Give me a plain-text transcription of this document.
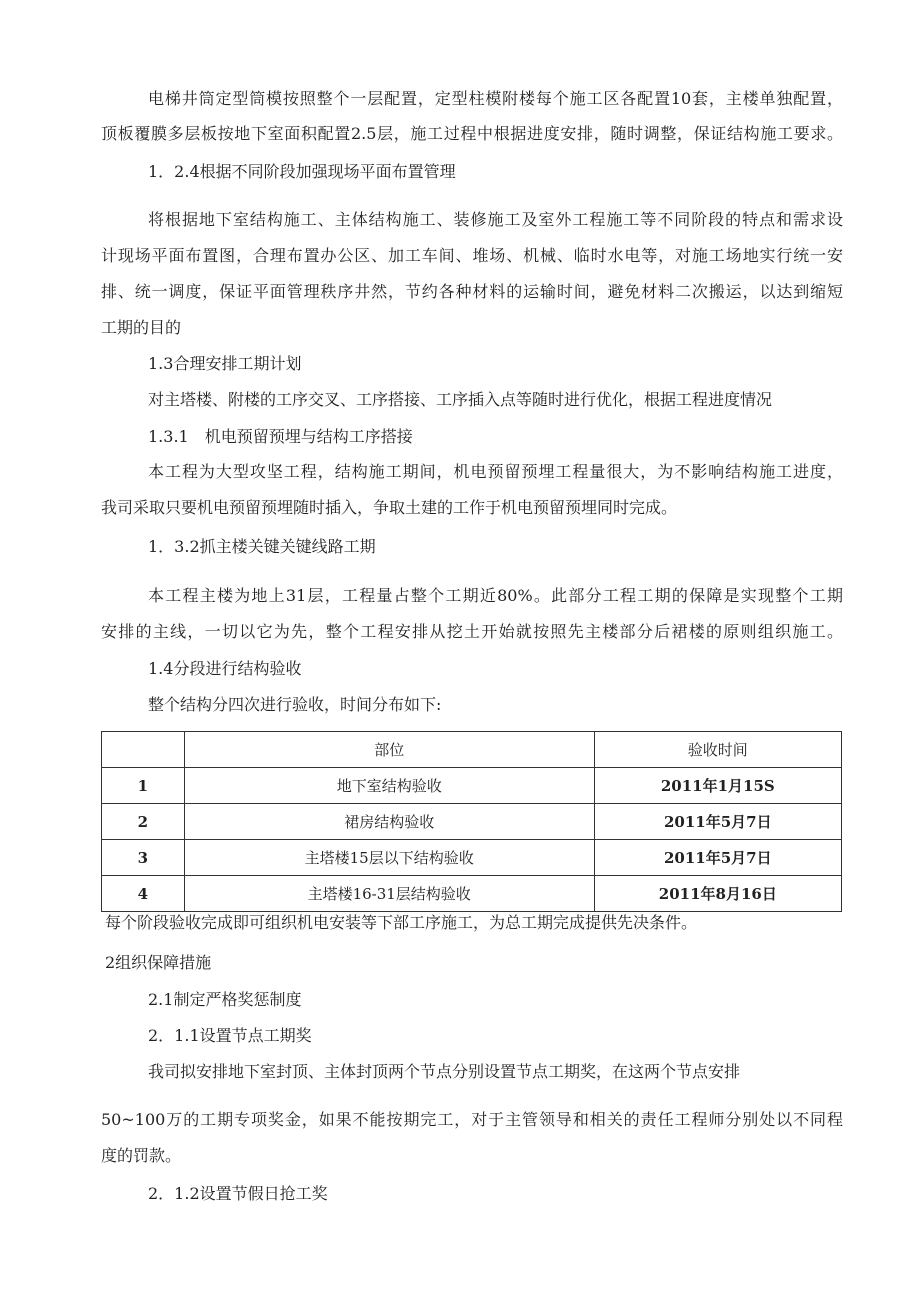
电梯井筒定型筒模按照整个一层配置，定型柱模附楼每个施工区各配置10套，主楼单独配置，
顶板覆膜多层板按地下室面积配置2.5层，施工过程中根据进度安排，随时调整，保证结构施工要求。
1．2.4根据不同阶段加强现场平面布置管理
将根据地下室结构施工、主体结构施工、装修施工及室外工程施工等不同阶段的特点和需求设
计现场平面布置图，合理布置办公区、加工车间、堆场、机械、临时水电等，对施工场地实行统一安
排、统一调度，保证平面管理秩序井然，节约各种材料的运输时间，避免材料二次搬运，以达到缩短
工期的目的
1.3合理安排工期计划
对主塔楼、附楼的工序交叉、工序搭接、工序插入点等随时进行优化，根据工程进度情况
1.3.1　机电预留预埋与结构工序搭接
本工程为大型攻坚工程，结构施工期间，机电预留预埋工程量很大，为不影响结构施工进度，
我司采取只要机电预留预埋随时插入，争取土建的工作于机电预留预埋同时完成。
1．3.2抓主楼关键关键线路工期
本工程主楼为地上31层，工程量占整个工期近80%。此部分工程工期的保障是实现整个工期
安排的主线，一切以它为先，整个工程安排从挖土开始就按照先主楼部分后裙楼的原则组织施工。
1.4分段进行结构验收
整个结构分四次进行验收，时间分布如下:
	部位	验收时间
1	地下室结构验收	2011年1月15S
2	裙房结构验收	2011年5月7日
3	主塔楼15层以下结构验收	2011年5月7日
4	主塔楼16-31层结构验收	2011年8月16日
每个阶段验收完成即可组织机电安装等下部工序施工，为总工期完成提供先决条件。
2组织保障措施
2.1制定严格奖惩制度
2．1.1设置节点工期奖
我司拟安排地下室封顶、主体封顶两个节点分别设置节点工期奖，在这两个节点安排
50~100万的工期专项奖金，如果不能按期完工，对于主管领导和相关的责任工程师分别处以不同程
度的罚款。
2．1.2设置节假日抢工奖
